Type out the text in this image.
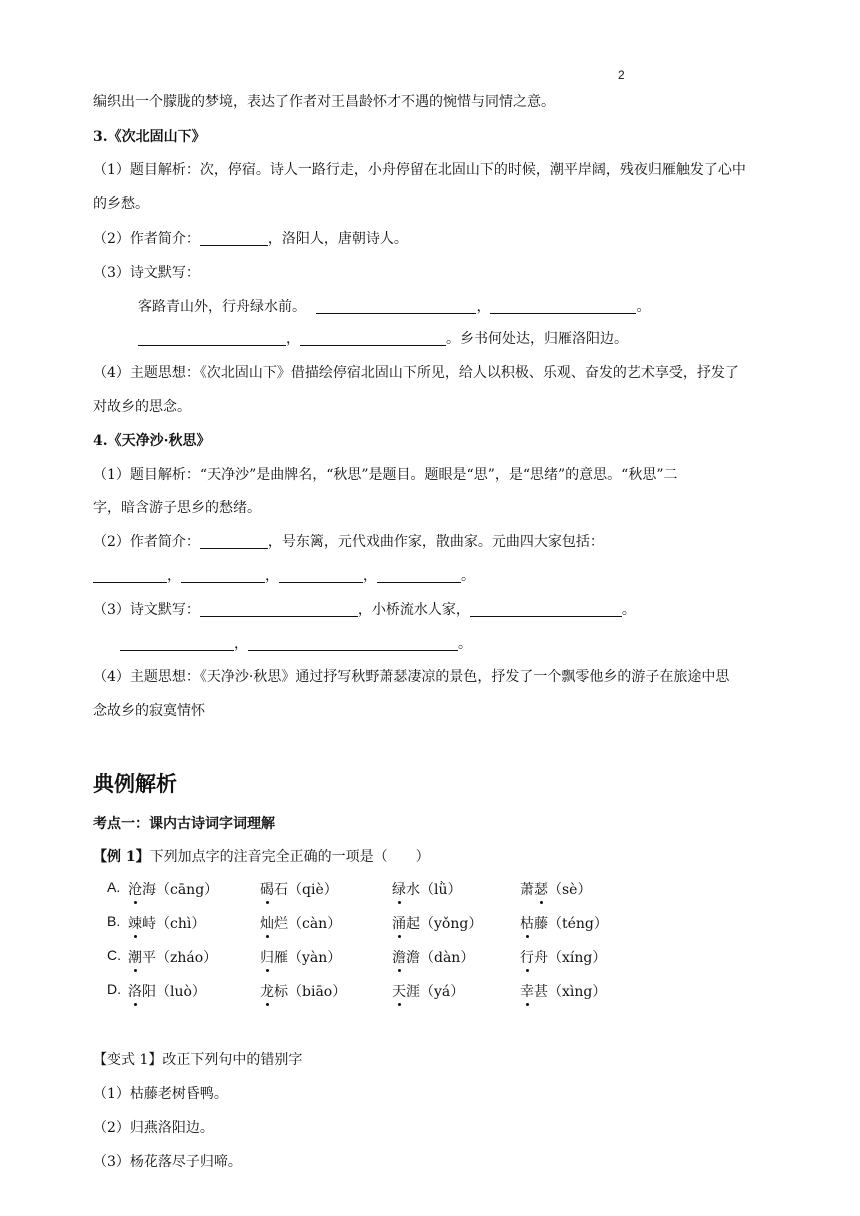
2
编织出一个朦胧的梦境，表达了作者对王昌龄怀才不遇的惋惜与同情之意。
3.《次北固山下》
（1）题目解析：次，停宿。诗人一路行走，小舟停留在北固山下的时候，潮平岸阔，残夜归雁触发了心中
的乡愁。
（2）作者简介：	，洛阳人，唐朝诗人。
（3）诗文默写：
客路青山外，行舟绿水前。	，	。
，	。乡书何处达，归雁洛阳边。
（4）主题思想：《次北固山下》借描绘停宿北固山下所见，给人以积极、乐观、奋发的艺术享受，抒发了
对故乡的思念。
4.《天净沙·秋思》
（1）题目解析：“天净沙”是曲牌名，“秋思”是题目。题眼是“思”，是“思绪”的意思。“秋思”二
字，暗含游子思乡的愁绪。
（2）作者简介：	，号东篱，元代戏曲作家，散曲家。元曲四大家包括：
，	，	，	。
（3）诗文默写：	，小桥流水人家，	。
，	。
（4）主题思想：《天净沙·秋思》通过抒写秋野萧瑟凄凉的景色，抒发了一个飘零他乡的游子在旅途中思
念故乡的寂寞情怀
典例解析
考点一：课内古诗词字词理解
【例 1】下列加点字的注音完全正确的一项是（　　）
A. 沧海（cāng）	碣石（qiè）	绿水（lǜ）	萧瑟（sè）
B. 竦峙（chì）	灿烂（càn）	涌起（yǒng）	枯藤（téng）
C. 潮平（zháo）	归雁（yàn）	澹澹（dàn）	行舟（xíng）
D. 洛阳（luò）	龙标（biāo）	天涯（yá）	幸甚（xìng）
【变式 1】改正下列句中的错别字
（1）枯藤老树昏鸭。
（2）归燕洛阳边。
（3）杨花落尽子归啼。
